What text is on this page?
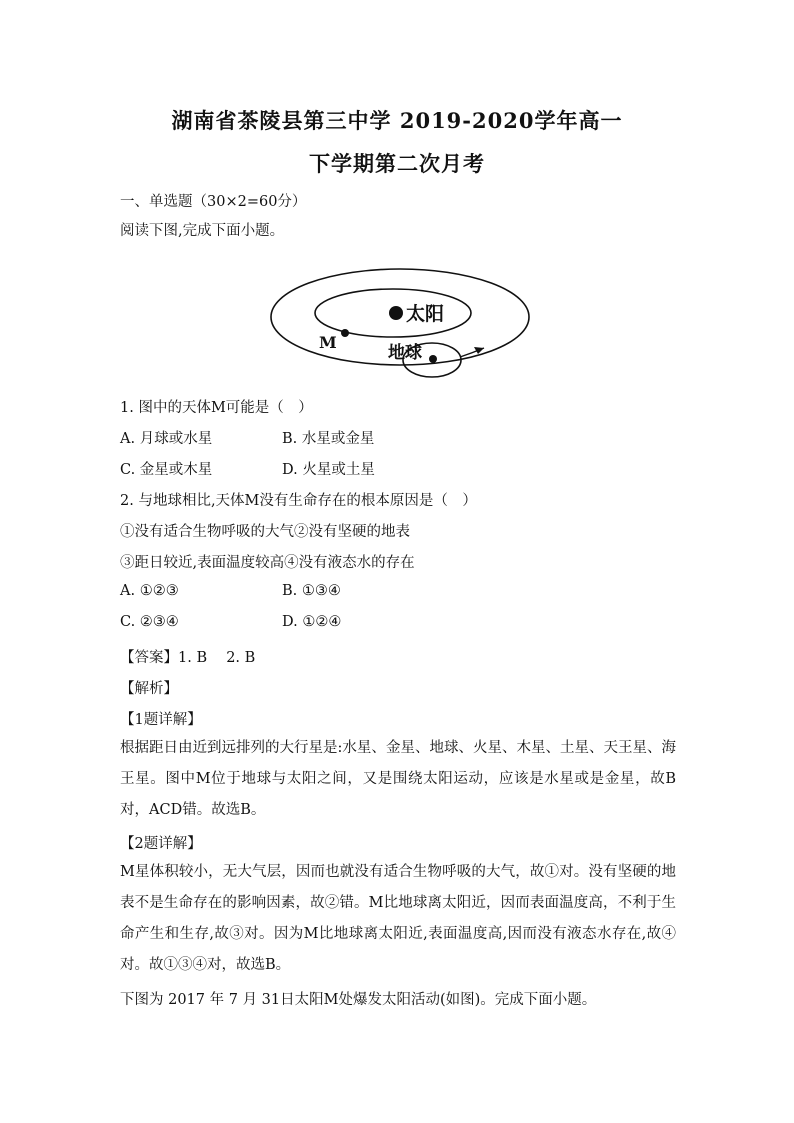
湖南省茶陵县第三中学 2019-2020学年高一
下学期第二次月考
一、单选题（30×2=60分）
阅读下图,完成下面小题。
太阳
M
地球
1. 图中的天体M可能是（　）
A. 月球或水星	B. 水星或金星
C. 金星或木星	D. 火星或土星
2. 与地球相比,天体M没有生命存在的根本原因是（　）
①没有适合生物呼吸的大气②没有坚硬的地表
③距日较近,表面温度较高④没有液态水的存在
A. ①②③	B. ①③④
C. ②③④	D. ①②④
【答案】1. B　 2. B
【解析】
【1题详解】
根据距日由近到远排列的大行星是:水星、金星、地球、火星、木星、土星、天王星、海王星。图中M位于地球与太阳之间，又是围绕太阳运动，应该是水星或是金星，故B对，ACD错。故选B。
【2题详解】
M星体积较小，无大气层，因而也就没有适合生物呼吸的大气，故①对。没有坚硬的地表不是生命存在的影响因素，故②错。M比地球离太阳近，因而表面温度高，不利于生命产生和生存,故③对。因为M比地球离太阳近,表面温度高,因而没有液态水存在,故④对。故①③④对，故选B。
下图为 2017 年 7 月 31日太阳M处爆发太阳活动(如图)。完成下面小题。
